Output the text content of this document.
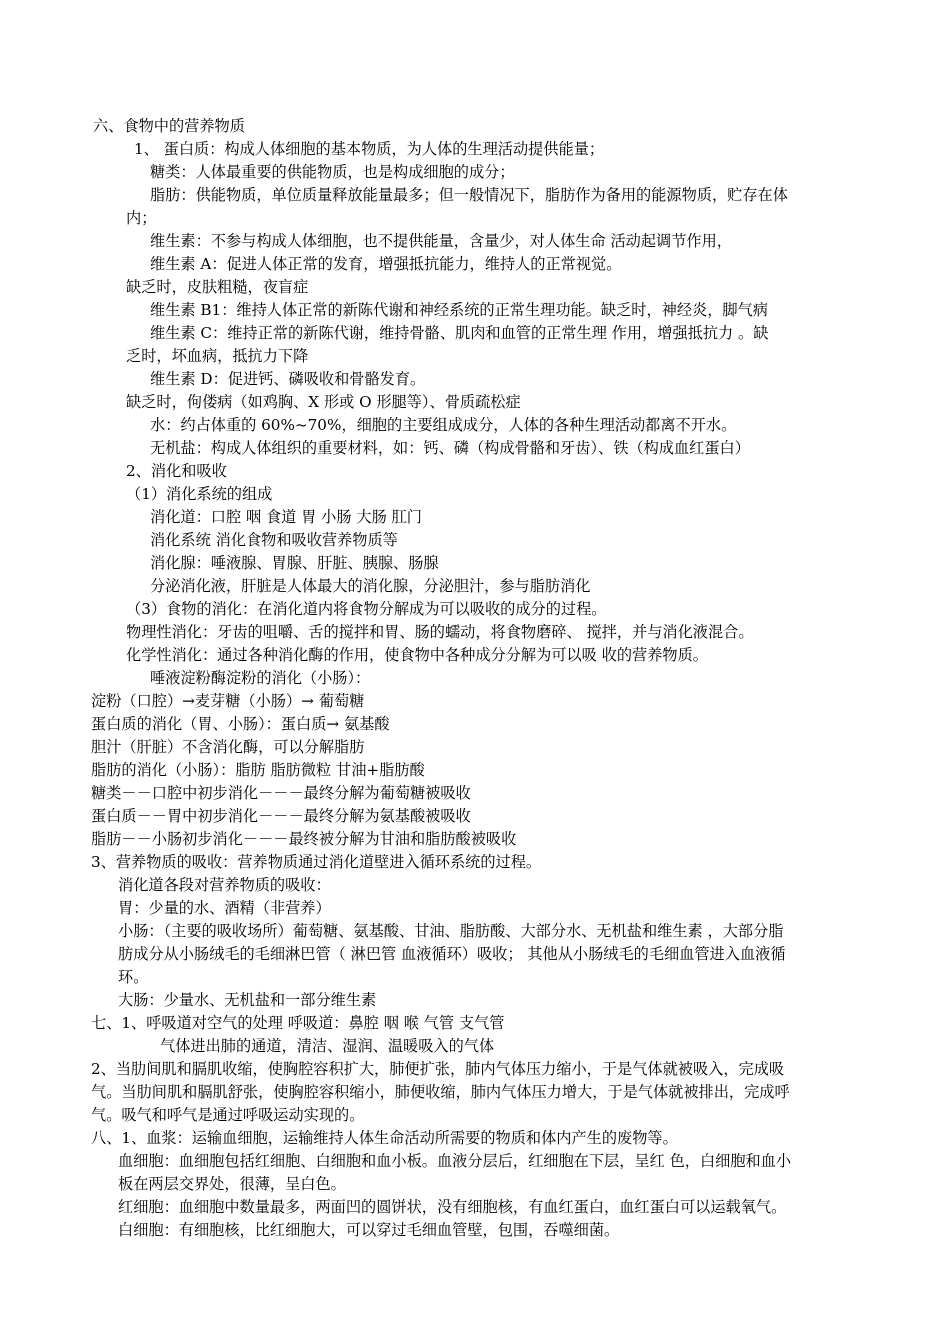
六、食物中的营养物质
1、 蛋白质：构成人体细胞的基本物质，为人体的生理活动提供能量；
糖类：人体最重要的供能物质，也是构成细胞的成分；
脂肪：供能物质，单位质量释放能量最多；但一般情况下，脂肪作为备用的能源物质，贮存在体
内；
维生素：不参与构成人体细胞，也不提供能量，含量少，对人体生命 活动起调节作用，
维生素 A：促进人体正常的发育，增强抵抗能力，维持人的正常视觉。
缺乏时，皮肤粗糙，夜盲症
维生素 B1：维持人体正常的新陈代谢和神经系统的正常生理功能。缺乏时，神经炎，脚气病
维生素 C：维持正常的新陈代谢，维持骨骼、肌肉和血管的正常生理 作用，增强抵抗力 。缺
乏时，坏血病，抵抗力下降
维生素 D：促进钙、磷吸收和骨骼发育。
缺乏时，佝偻病（如鸡胸、X 形或 O 形腿等）、骨质疏松症
水：约占体重的 60%~70%，细胞的主要组成成分，人体的各种生理活动都离不开水。
无机盐：构成人体组织的重要材料，如：钙、磷（构成骨骼和牙齿）、铁（构成血红蛋白）
2、消化和吸收
（1）消化系统的组成
消化道：口腔 咽 食道 胃 小肠 大肠 肛门
消化系统 消化食物和吸收营养物质等
消化腺：唾液腺、胃腺、肝脏、胰腺、肠腺
分泌消化液，肝脏是人体最大的消化腺，分泌胆汁，参与脂肪消化
（3）食物的消化：在消化道内将食物分解成为可以吸收的成分的过程。
物理性消化：牙齿的咀嚼、舌的搅拌和胃、肠的蠕动，将食物磨碎、 搅拌，并与消化液混合。
化学性消化：通过各种消化酶的作用，使食物中各种成分分解为可以吸 收的营养物质。
唾液淀粉酶淀粉的消化（小肠）：
淀粉（口腔）→麦芽糖（小肠）→ 葡萄糖
蛋白质的消化（胃、小肠）：蛋白质→ 氨基酸
胆汁（肝脏）不含消化酶，可以分解脂肪
脂肪的消化（小肠）：脂肪 脂肪微粒 甘油+脂肪酸
糖类－－口腔中初步消化－－－最终分解为葡萄糖被吸收
蛋白质－－胃中初步消化－－－最终分解为氨基酸被吸收
脂肪－－小肠初步消化－－－最终被分解为甘油和脂肪酸被吸收
3、营养物质的吸收：营养物质通过消化道壁进入循环系统的过程。
消化道各段对营养物质的吸收：
胃：少量的水、酒精（非营养）
小肠：（主要的吸收场所）葡萄糖、氨基酸、甘油、脂肪酸、大部分水、无机盐和维生素 ，大部分脂
肪成分从小肠绒毛的毛细淋巴管（ 淋巴管 血液循环）吸收； 其他从小肠绒毛的毛细血管进入血液循
环。
大肠：少量水、无机盐和一部分维生素
七、1、呼吸道对空气的处理 呼吸道：鼻腔 咽 喉 气管 支气管
气体进出肺的通道，清洁、湿润、温暖吸入的气体
2、当肋间肌和膈肌收缩，使胸腔容积扩大，肺便扩张，肺内气体压力缩小，于是气体就被吸入，完成吸
气。当肋间肌和膈肌舒张，使胸腔容积缩小，肺便收缩，肺内气体压力增大，于是气体就被排出，完成呼
气。吸气和呼气是通过呼吸运动实现的。
八、1、血浆：运输血细胞，运输维持人体生命活动所需要的物质和体内产生的废物等。
血细胞：血细胞包括红细胞、白细胞和血小板。血液分层后，红细胞在下层，呈红 色，白细胞和血小
板在两层交界处，很薄，呈白色。
红细胞：血细胞中数量最多，两面凹的圆饼状，没有细胞核，有血红蛋白，血红蛋白可以运载氧气。
白细胞：有细胞核，比红细胞大，可以穿过毛细血管壁，包围，吞噬细菌。
